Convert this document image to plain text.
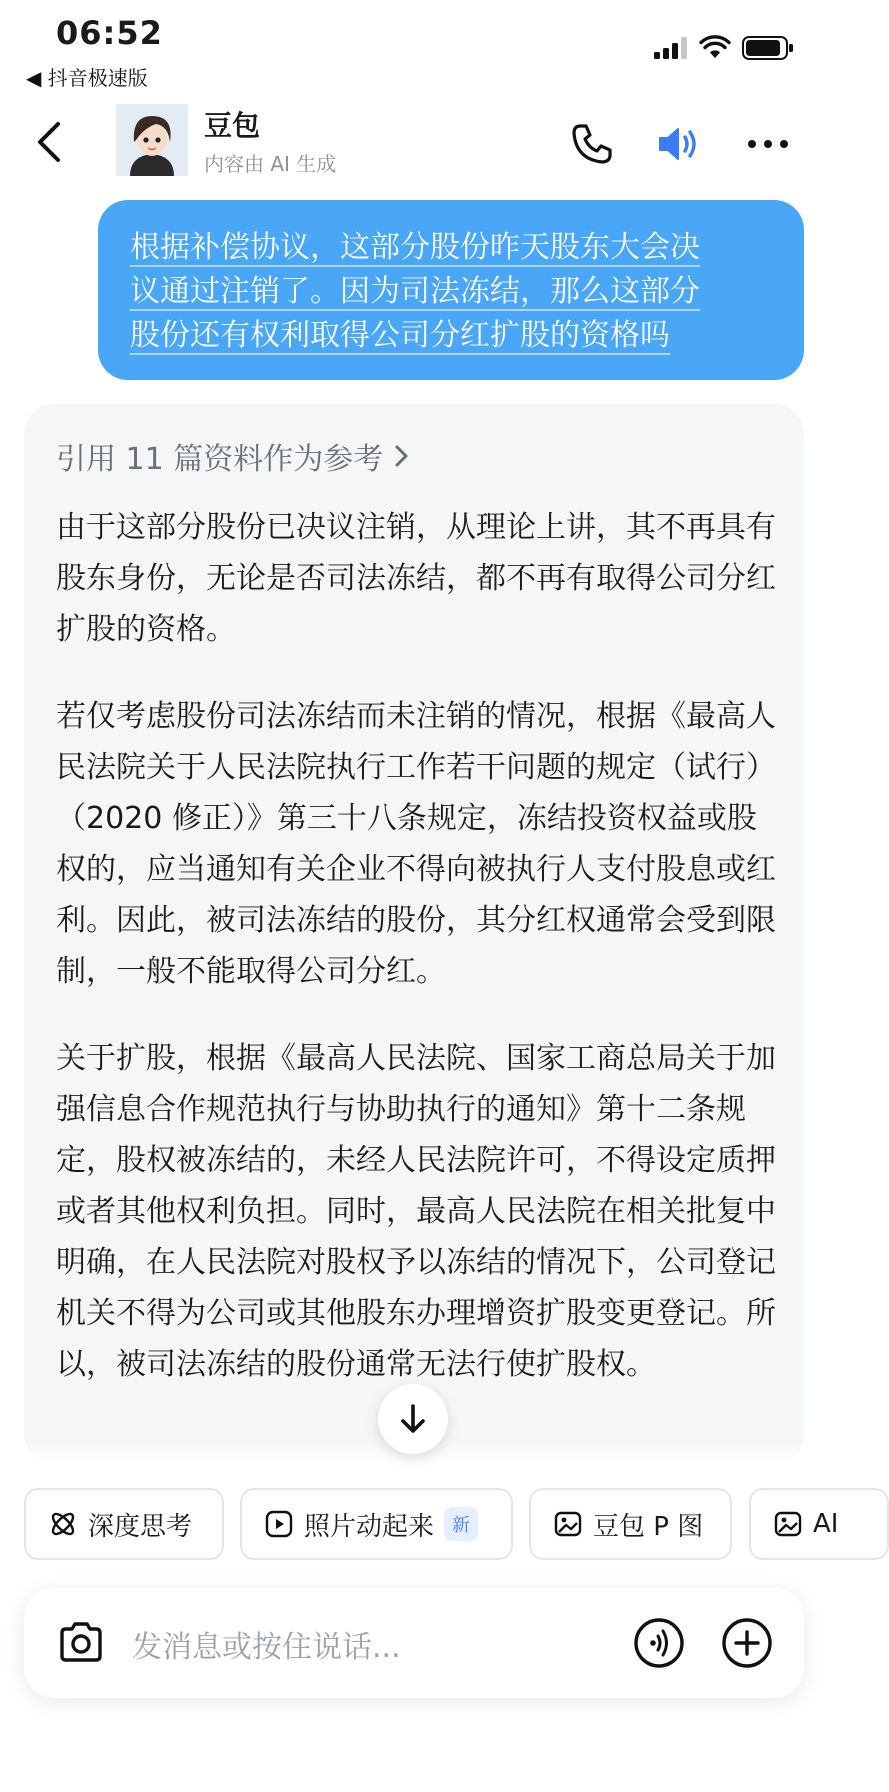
06:52
◀ 抖音极速版
豆包
内容由 AI 生成
根据补偿协议，这部分股份昨天股东大会决
议通过注销了。因为司法冻结，那么这部分
股份还有权利取得公司分红扩股的资格吗
引用 11 篇资料作为参考

由于这部分股份已决议注销，从理论上讲，其不再具有股东身份，无论是否司法冻结，都不再有取得公司分红扩股的资格。

若仅考虑股份司法冻结而未注销的情况，根据《最高人民法院关于人民法院执行工作若干问题的规定（试行）（2020 修正）》第三十八条规定，冻结投资权益或股权的，应当通知有关企业不得向被执行人支付股息或红利。因此，被司法冻结的股份，其分红权通常会受到限制，一般不能取得公司分红。

关于扩股，根据《最高人民法院、国家工商总局关于加强信息合作规范执行与协助执行的通知》第十二条规定，股权被冻结的，未经人民法院许可，不得设定质押或者其他权利负担。同时，最高人民法院在相关批复中明确，在人民法院对股权予以冻结的情况下，公司登记机关不得为公司或其他股东办理增资扩股变更登记。所以，被司法冻结的股份通常无法行使扩股权。

深度思考	照片动起来	新	豆包 P 图	AI
发消息或按住说话...
